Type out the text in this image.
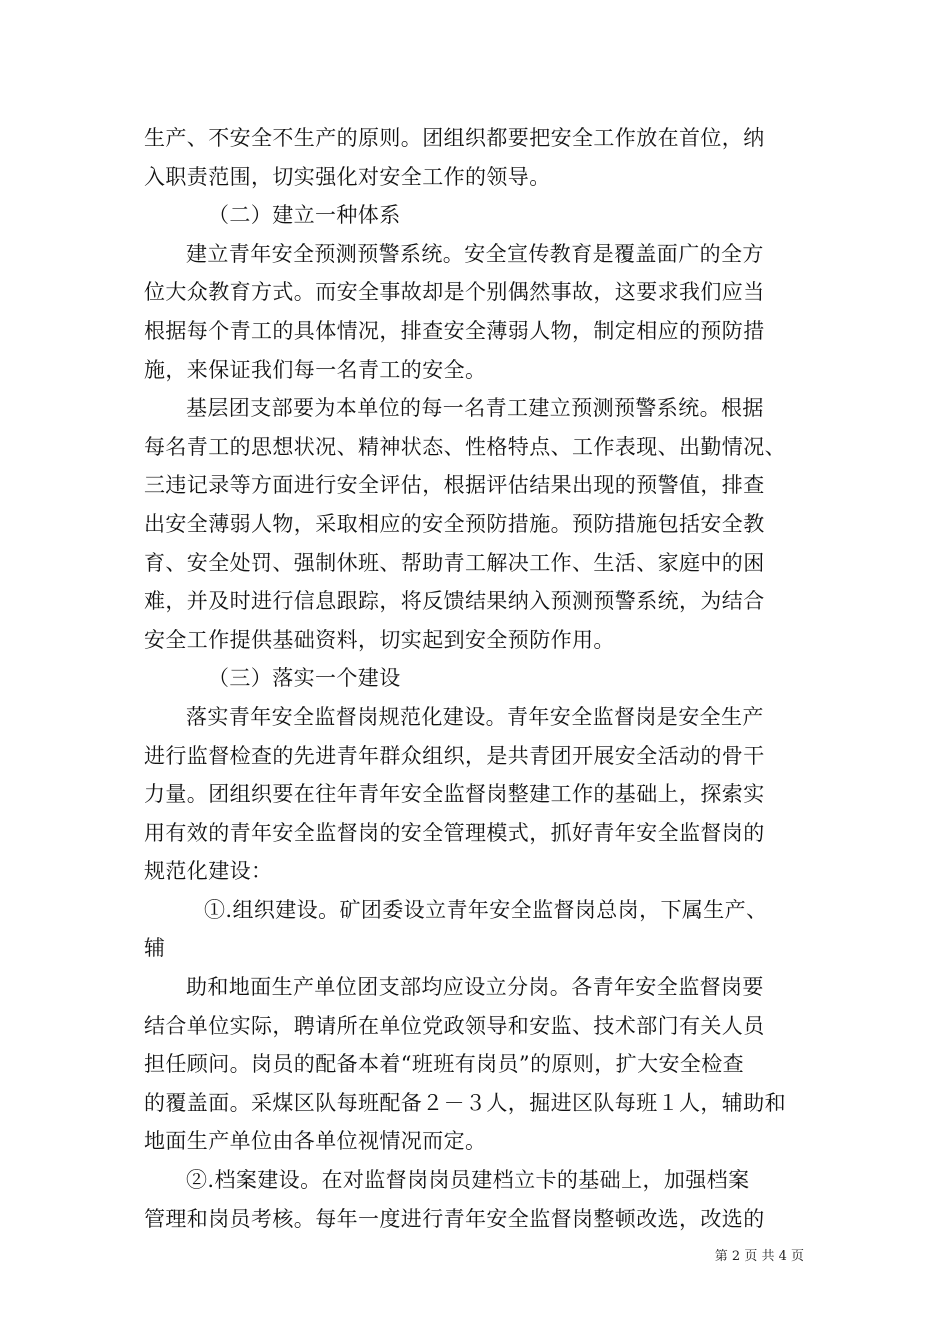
生产、不安全不生产的原则。团组织都要把安全工作放在首位，纳
入职责范围，切实强化对安全工作的领导。
（二）建立一种体系
建立青年安全预测预警系统。安全宣传教育是覆盖面广的全方
位大众教育方式。而安全事故却是个别偶然事故，这要求我们应当
根据每个青工的具体情况，排查安全薄弱人物，制定相应的预防措
施，来保证我们每一名青工的安全。
基层团支部要为本单位的每一名青工建立预测预警系统。根据
每名青工的思想状况、精神状态、性格特点、工作表现、出勤情况、
三违记录等方面进行安全评估，根据评估结果出现的预警值，排查
出安全薄弱人物，采取相应的安全预防措施。预防措施包括安全教
育、安全处罚、强制休班、帮助青工解决工作、生活、家庭中的困
难，并及时进行信息跟踪，将反馈结果纳入预测预警系统，为结合
安全工作提供基础资料，切实起到安全预防作用。
（三）落实一个建设
落实青年安全监督岗规范化建设。青年安全监督岗是安全生产
进行监督检查的先进青年群众组织，是共青团开展安全活动的骨干
力量。团组织要在往年青年安全监督岗整建工作的基础上，探索实
用有效的青年安全监督岗的安全管理模式，抓好青年安全监督岗的
规范化建设：
①.组织建设。矿团委设立青年安全监督岗总岗，下属生产、
辅
助和地面生产单位团支部均应设立分岗。各青年安全监督岗要
结合单位实际，聘请所在单位党政领导和安监、技术部门有关人员
担任顾问。岗员的配备本着“班班有岗员”的原则，扩大安全检查
的覆盖面。采煤区队每班配备２－３人，掘进区队每班１人，辅助和
地面生产单位由各单位视情况而定。
②.档案建设。在对监督岗岗员建档立卡的基础上，加强档案
管理和岗员考核。每年一度进行青年安全监督岗整顿改选，改选的
第 2 页 共 4 页
